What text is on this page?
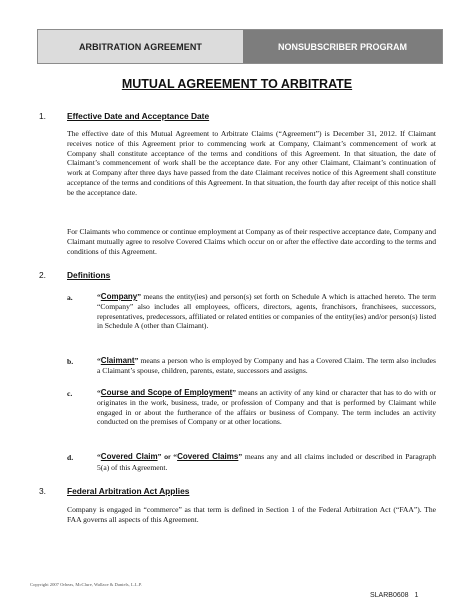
ARBITRATION AGREEMENT	NONSUBSCRIBER PROGRAM
MUTUAL AGREEMENT TO ARBITRATE
1.	Effective Date and Acceptance Date

The effective date of this Mutual Agreement to Arbitrate Claims (“Agreement”) is December 31, 2012. If Claimant receives notice of this Agreement prior to commencing work at Company, Claimant’s commencement of work at Company shall constitute acceptance of the terms and conditions of this Agreement. In that situation, the date of Claimant’s commencement of work shall be the acceptance date. For any other Claimant, Claimant’s continuation of work at Company after three days have passed from the date Claimant receives notice of this Agreement shall constitute acceptance of the terms and conditions of this Agreement. In that situation, the fourth day after receipt of this notice shall be the acceptance date.

For Claimants who commence or continue employment at Company as of their respective acceptance date, Company and Claimant mutually agree to resolve Covered Claims which occur on or after the effective date according to the terms and conditions of this Agreement.

2.	Definitions
a.	“Company” means the entity(ies) and person(s) set forth on Schedule A which is attached hereto. The term “Company” also includes all employees, officers, directors, agents, franchisors, franchisees, successors, representatives, predecessors, affiliated or related entities or companies of the entity(ies) and/or person(s) listed in Schedule A (other than Claimant).

b.	“Claimant” means a person who is employed by Company and has a Covered Claim. The term also includes a Claimant’s spouse, children, parents, estate, successors and assigns.

c.	“Course and Scope of Employment” means an activity of any kind or character that has to do with or originates in the work, business, trade, or profession of Company and that is performed by Claimant while engaged in or about the furtherance of the affairs or business of Company. The term includes an activity conducted on the premises of Company or at other locations.

d.	“Covered Claim” or “Covered Claims” means any and all claims included or described in Paragraph 5(a) of this Agreement.

3.	Federal Arbitration Act Applies

Company is engaged in “commerce” as that term is defined in Section 1 of the Federal Arbitration Act (“FAA”). The FAA governs all aspects of this Agreement.

Copyright 2007 Orheas, McClure, Wallace & Daniels, L.L.P.
SLARB0608 1
